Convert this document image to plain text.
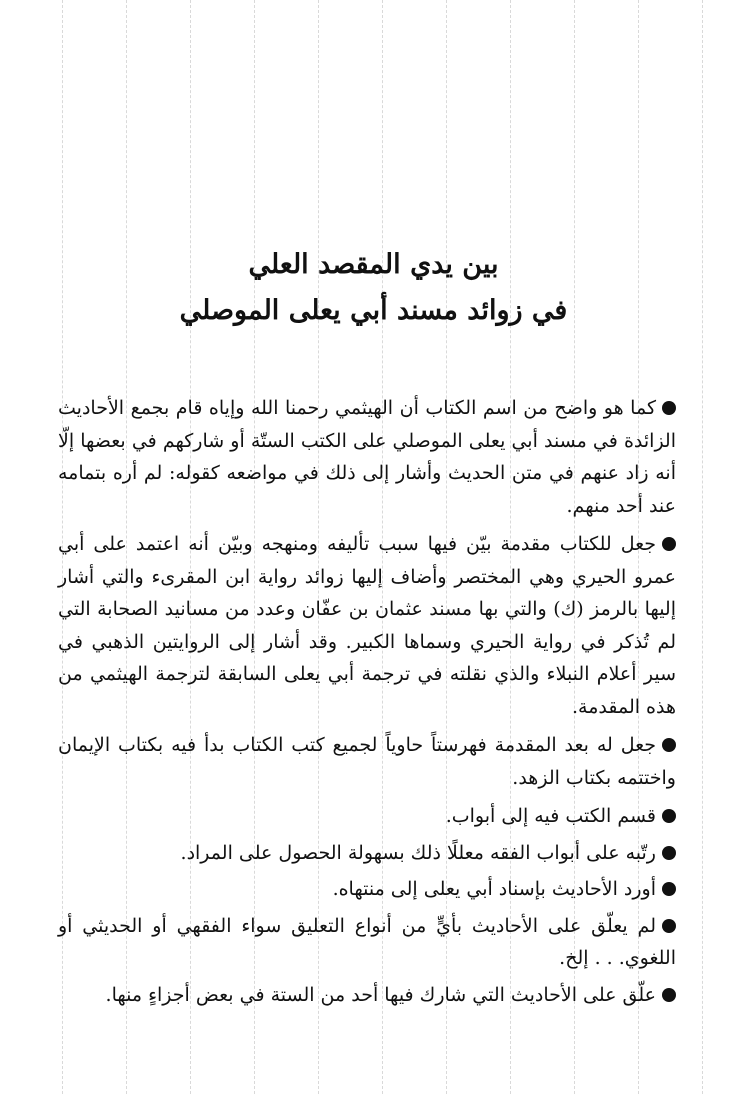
بين يدي المقصد العلي
في زوائد مسند أبي يعلى الموصلي

كما هو واضح من اسم الكتاب أن الهيثمي رحمنا الله وإياه قام بجمع الأحاديث الزائدة في مسند أبي يعلى الموصلي على الكتب الستّة أو شاركهم في بعضها إلّا أنه زاد عنهم في متن الحديث وأشار إلى ذلك في مواضعه كقوله: لم أره بتمامه عند أحد منهم.

جعل للكتاب مقدمة بيّن فيها سبب تأليفه ومنهجه وبيّن أنه اعتمد على أبي عمرو الحيري وهي المختصر وأضاف إليها زوائد رواية ابن المقرىء والتي أشار إليها بالرمز (ك) والتي بها مسند عثمان بن عفّان وعدد من مسانيد الصحابة التي لم تُذكر في رواية الحيري وسماها الكبير. وقد أشار إلى الروايتين الذهبي في سير أعلام النبلاء والذي نقلته في ترجمة أبي يعلى السابقة لترجمة الهيثمي من هذه المقدمة.

جعل له بعد المقدمة فهرستاً حاوياً لجميع كتب الكتاب بدأ فيه بكتاب الإيمان واختتمه بكتاب الزهد.

قسم الكتب فيه إلى أبواب.

رتّبه على أبواب الفقه معللًا ذلك بسهولة الحصول على المراد.

أورد الأحاديث بإسناد أبي يعلى إلى منتهاه.

لم يعلّق على الأحاديث بأيٍّ من أنواع التعليق سواء الفقهي أو الحديثي أو اللغوي. . . إلخ.

علّق على الأحاديث التي شارك فيها أحد من الستة في بعض أجزاءٍ منها.
